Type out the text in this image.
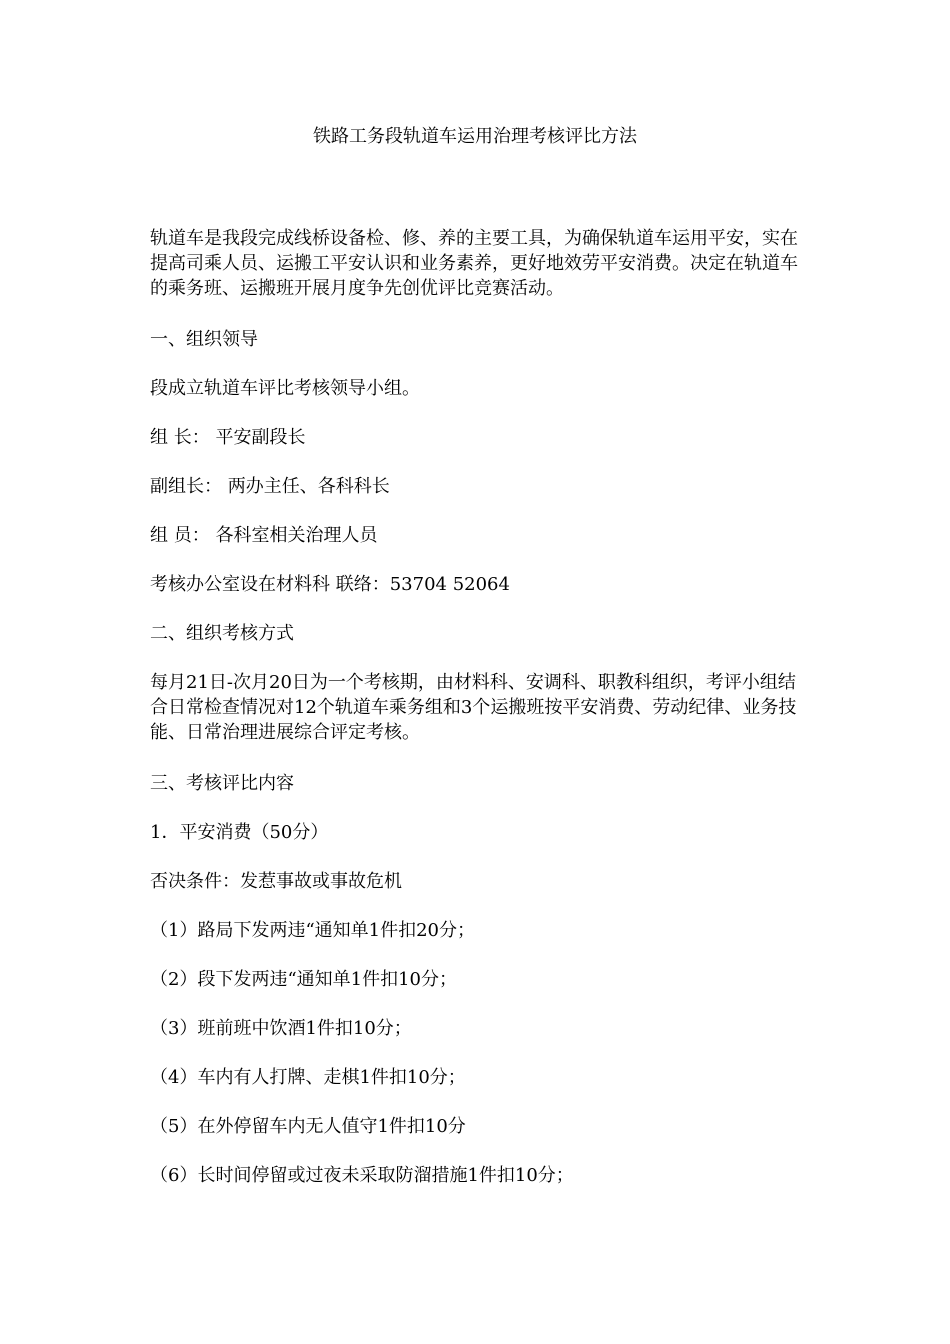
铁路工务段轨道车运用治理考核评比方法

轨道车是我段完成线桥设备检、修、养的主要工具，为确保轨道车运用平安，实在提高司乘人员、运搬工平安认识和业务素养，更好地效劳平安消费。决定在轨道车的乘务班、运搬班开展月度争先创优评比竞赛活动。

一、组织领导

段成立轨道车评比考核领导小组。

组 长： 平安副段长

副组长： 两办主任、各科科长

组 员： 各科室相关治理人员

考核办公室设在材料科 联络：53704 52064

二、组织考核方式

每月21日-次月20日为一个考核期，由材料科、安调科、职教科组织，考评小组结合日常检查情况对12个轨道车乘务组和3个运搬班按平安消费、劳动纪律、业务技能、日常治理进展综合评定考核。

三、考核评比内容

1．平安消费（50分）

否决条件：发惹事故或事故危机

（1）路局下发两违“通知单1件扣20分；

（2）段下发两违“通知单1件扣10分；

（3）班前班中饮酒1件扣10分；

（4）车内有人打牌、走棋1件扣10分；

（5）在外停留车内无人值守1件扣10分

（6）长时间停留或过夜未采取防溜措施1件扣10分；
